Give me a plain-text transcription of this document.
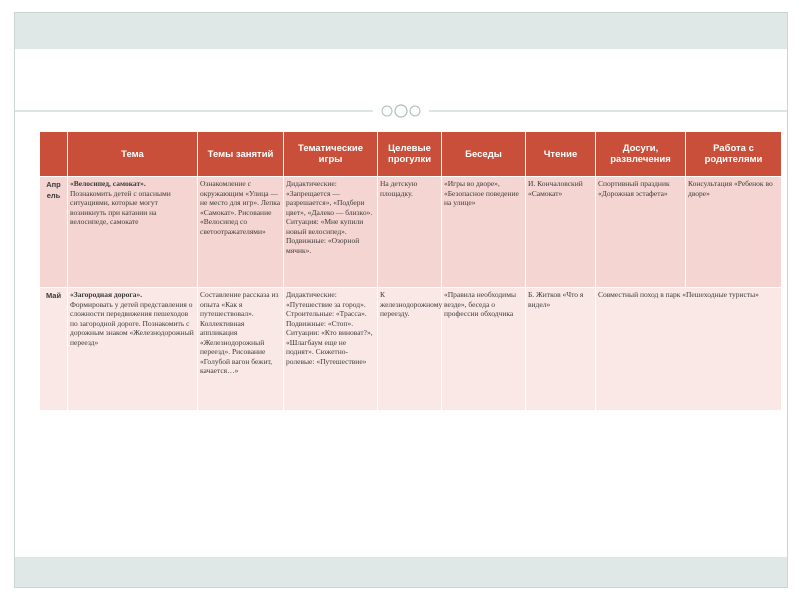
	Тема	Темы занятий	Тематические игры	Целевые прогулки	Беседы	Чтение	Досуги, развлечения	Работа с родителями
Апрель	«Велосипед, самокат».
Познакомить детей с опасными ситуациями, которые могут возникнуть при катании на велосипеде, самокате	Ознакомление с окружающим «Улица — не место для игр». Лепка «Самокат». Рисование «Велосипед со светоотражателями»	Дидактические: «Запрещается — разрешается», «Подбери цвет», «Далеко — близко». Ситуация: «Мне купили новый велосипед». Подвижные: «Озорной мячик».	На детскую площадку.	«Игры во дворе», «Безопасное поведение на улице»	И. Кончаловский «Самокат»	Спортивный праздник «Дорожная эстафета»	Консультация «Ребенок во дворе»
Май	«Загородная дорога».
Формировать у детей представления о сложности передвижения пешеходов по загородной дороге. Познакомить с дорожным знаком «Железнодорожный переезд»	Составление рассказа из опыта «Как я путешествовал». Коллективная аппликация «Железнодорожный переезд». Рисование «Голубой вагон бежит, качается…»	Дидактические: «Путешествие за город». Строительные: «Трасса». Подвижные: «Стоп». Ситуации: «Кто виноват?», «Шлагбаум еще не поднят». Сюжетно-ролевые: «Путешествие»	К железнодорожному переезду.	«Правила необходимы везде», беседа о профессии обходчика	Б. Житков «Что я видел»	Совместный поход в парк «Пешеходные туристы»	
